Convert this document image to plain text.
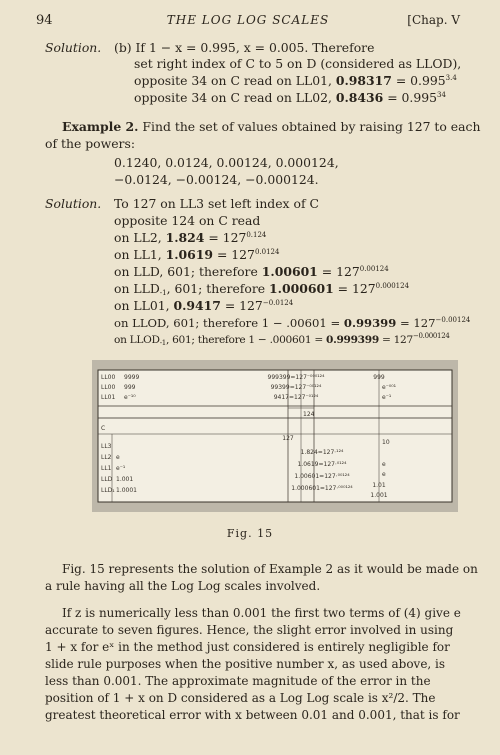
94	THE LOG LOG SCALES	[Chap. V
Solution. (b) If 1 − x = 0.995, x = 0.005. Therefore
set right index of C to 5 on D (considered as LLOD),
opposite 34 on C read on LL01, $0.98317 = 0.995^{3.4}$
opposite 34 on C read on LL02, $0.8436 = 0.995^{34}$
Example 2. Find the set of values obtained by raising 127 to each
of the powers:
0.1240, 0.0124, 0.00124, 0.000124,
−0.0124, −0.00124, −0.000124.
Solution. To 127 on LL3 set left index of C
opposite 124 on C read
on LL2, $1.824 = 127^{0.124}$
on LL1, $1.0619 = 127^{0.0124}$
on LLD, 601; therefore $1.00601 = 127^{0.00124}$
on $LLD_{-1}$, 601; therefore $1.000601 = 127^{0.000124}$
on LL01, $0.9417 = 127^{-0.0124}$
on LLOD, 601; therefore $1 - .00601 = 0.99399 = 127^{-0.00124}$
on $LLOD_{-1}$, 601; therefore $1 - .000601 = 0.999399 = 127^{-0.000124}$
LL00
LL00
LL01
9999
999
e⁻¹⁰
C
LL3
LL2
LL1
LLD
LLD₁
e
e⁻¹
1.001
1.0001
999399=127⁻⁰⁰⁰¹²⁴
99399=127⁻⁰⁰¹²⁴
9417=127⁻⁰¹²⁴
124
127
1.824=127⋅¹²⁴
1.0619=127⋅⁰¹²⁴
1.00601=127⋅⁰⁰¹²⁴
1.000601=127⋅⁰⁰⁰¹²⁴
999
e⁻⁰⁰¹
e⁻¹
10
e
e
1.01
1.001
Fig. 15
Fig. 15 represents the solution of Example 2 as it would be made on
a rule having all the Log Log scales involved.
If z is numerically less than 0.001 the first two terms of (4) give e
accurate to seven figures. Hence, the slight error involved in using
1 + x for eˣ in the method just considered is entirely negligible for
slide rule purposes when the positive number x, as used above, is
less than 0.001. The approximate magnitude of the error in the
position of 1 + x on D considered as a Log Log scale is x²/2. The
greatest theoretical error with x between 0.01 and 0.001, that is for
